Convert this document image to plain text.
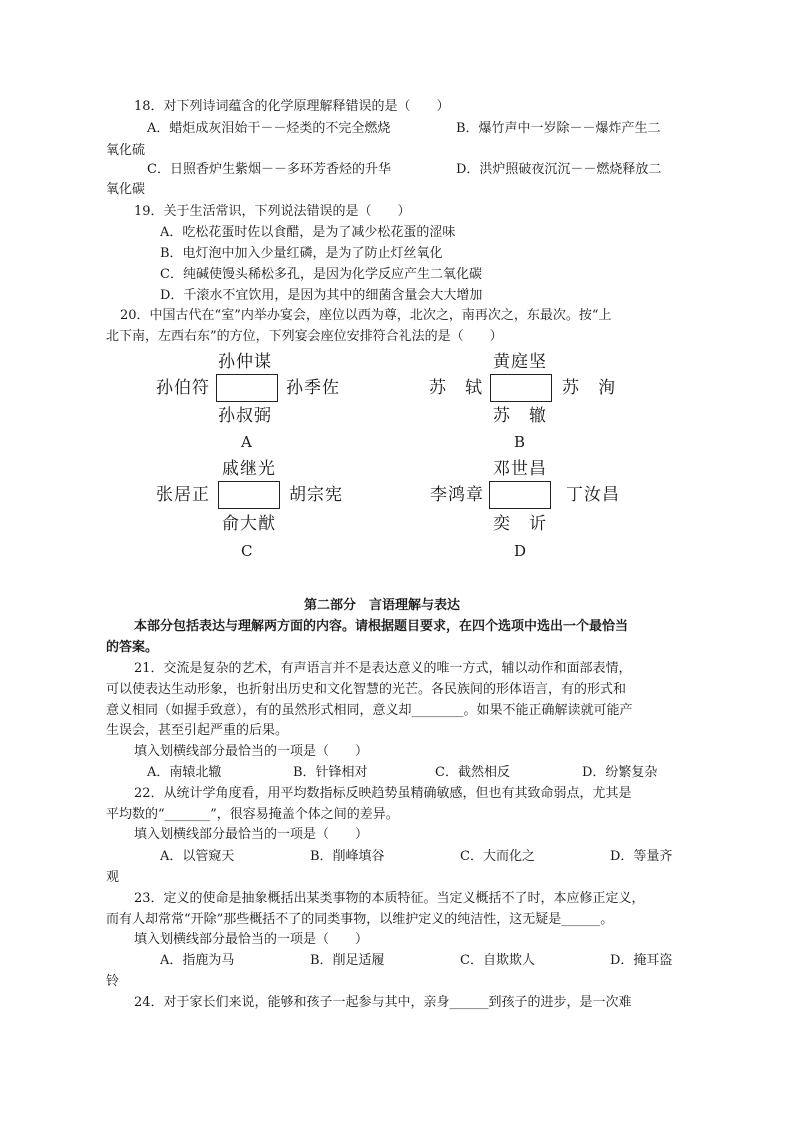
18．对下列诗词蕴含的化学原理解释错误的是（　　）
A．蜡炬成灰泪始干－－烃类的不完全燃烧	B．爆竹声中一岁除－－爆炸产生二
氧化硫
C．日照香炉生紫烟－－多环芳香烃的升华	D．洪炉照破夜沉沉－－燃烧释放二
氧化碳
19．关于生活常识，下列说法错误的是（　　）
A．吃松花蛋时佐以食醋，是为了减少松花蛋的涩味
B．电灯泡中加入少量红磷，是为了防止灯丝氧化
C．纯碱使馒头稀松多孔，是因为化学反应产生二氧化碳
D．千滚水不宜饮用，是因为其中的细菌含量会大大增加
20．中国古代在“室”内举办宴会，座位以西为尊，北次之，南再次之，东最次。按“上
北下南，左西右东”的方位，下列宴会座位安排符合礼法的是（　　）
孙仲谋
孙伯符	孙季佐
孙叔弼
A
黄庭坚
苏　轼	苏　洵
苏　辙
B
戚继光
张居正	胡宗宪
俞大猷
C
邓世昌
李鸿章	丁汝昌
奕　䜣
D
第二部分　言语理解与表达
本部分包括表达与理解两方面的内容。请根据题目要求，在四个选项中选出一个最恰当
的答案。
21．交流是复杂的艺术，有声语言并不是表达意义的唯一方式，辅以动作和面部表情，
可以使表达生动形象，也折射出历史和文化智慧的光芒。各民族间的形体语言，有的形式和
意义相同（如握手致意），有的虽然形式相同，意义却________。如果不能正确解读就可能产
生误会，甚至引起严重的后果。
填入划横线部分最恰当的一项是（　　）
A．南辕北辙	B．针锋相对	C．截然相反	D．纷繁复杂
22．从统计学角度看，用平均数指标反映趋势虽精确敏感，但也有其致命弱点，尤其是
平均数的“_______”，很容易掩盖个体之间的差异。
填入划横线部分最恰当的一项是（　　）
A．以管窥天	B．削峰填谷	C．大而化之	D．等量齐
观
23．定义的使命是抽象概括出某类事物的本质特征。当定义概括不了时，本应修正定义，
而有人却常常“开除”那些概括不了的同类事物，以维护定义的纯洁性，这无疑是______。
填入划横线部分最恰当的一项是（　　）
A．指鹿为马	B．削足适履	C．自欺欺人	D．掩耳盗
铃
24．对于家长们来说，能够和孩子一起参与其中，亲身______到孩子的进步，是一次难
